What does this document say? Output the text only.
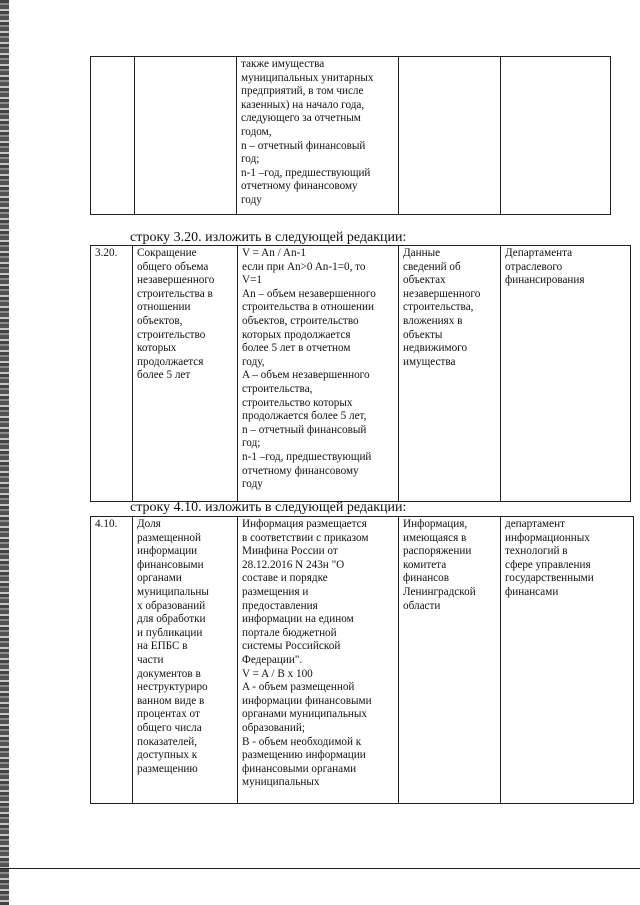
		также имущества
муниципальных унитарных
предприятий, в том числе
казенных) на начало года,
следующего за отчетным
годом,
n – отчетный финансовый
год;
n-1 –год, предшествующий
отчетному финансовому
году		
строку 3.20. изложить в следующей редакции:
3.20.	Сокращение
общего объема
незавершенного
строительства в
отношении
объектов,
строительство
которых
продолжается
более 5 лет	V = An / An-1
если при An>0 An-1=0, то
V=1
An – объем незавершенного
строительства в отношении
объектов, строительство
которых продолжается
более 5 лет в отчетном
году,
A – объем незавершенного
строительства,
строительство которых
продолжается более 5 лет,
n – отчетный финансовый
год;
n-1 –год, предшествующий
отчетному финансовому
году	Данные
сведений об
объектах
незавершенного
строительства,
вложениях в
объекты
недвижимого
имущества	Департамента
отраслевого
финансирования
строку 4.10. изложить в следующей редакции:
4.10.	Доля
размещенной
информации
финансовыми
органами
муниципальны
х образований
для обработки
и публикации
на ЕПБС в
части
документов в
неструктуриро
ванном виде в
процентах от
общего числа
показателей,
доступных к
размещению	Информация размещается
в соответствии с приказом
Минфина России от
28.12.2016 N 243н "О
составе и порядке
размещения и
предоставления
информации на едином
портале бюджетной
системы Российской
Федерации".
V = A / B x 100
A - объем размещенной
информации финансовыми
органами муниципальных
образований;
B - объем необходимой к
размещению информации
финансовыми органами
муниципальных	Информация,
имеющаяся в
распоряжении
комитета
финансов
Ленинградской
области	департамент
информационных
технологий в
сфере управления
государственными
финансами
